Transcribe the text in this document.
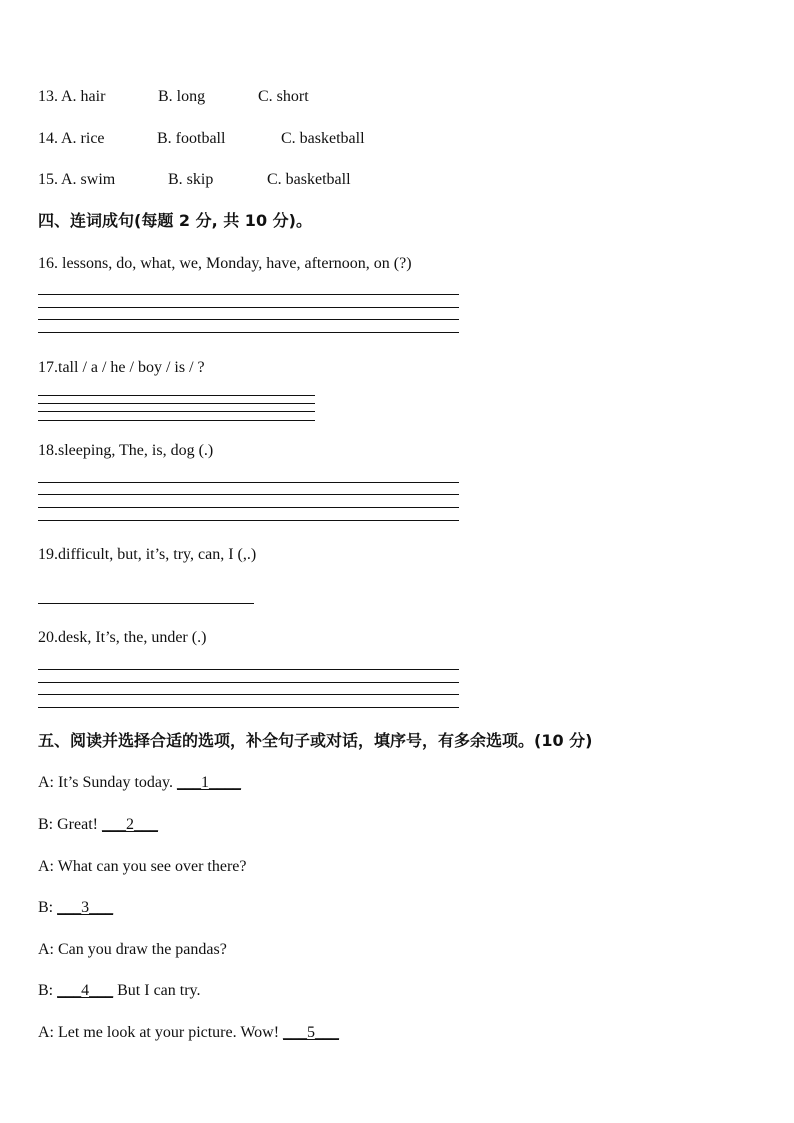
13. A. hair	B. long	C. short
14. A. rice	B. football	C. basketball
15. A. swim	B. skip	C. basketball
四、连词成句(每题 2 分, 共 10 分)。
16. lessons, do, what, we, Monday, have, afternoon, on (?)
17.tall / a / he / boy / is / ?
18.sleeping, The, is, dog (.)
19.difficult, but, it’s, try, can, I (,.)
20.desk, It’s, the, under (.)
五、阅读并选择合适的选项，补全句子或对话，填序号，有多余选项。(10 分)
A: It’s Sunday today. ___1____
B: Great! ___2___
A: What can you see over there?
B: ___3___
A: Can you draw the pandas?
B: ___4___ But I can try.
A: Let me look at your picture. Wow! ___5___
